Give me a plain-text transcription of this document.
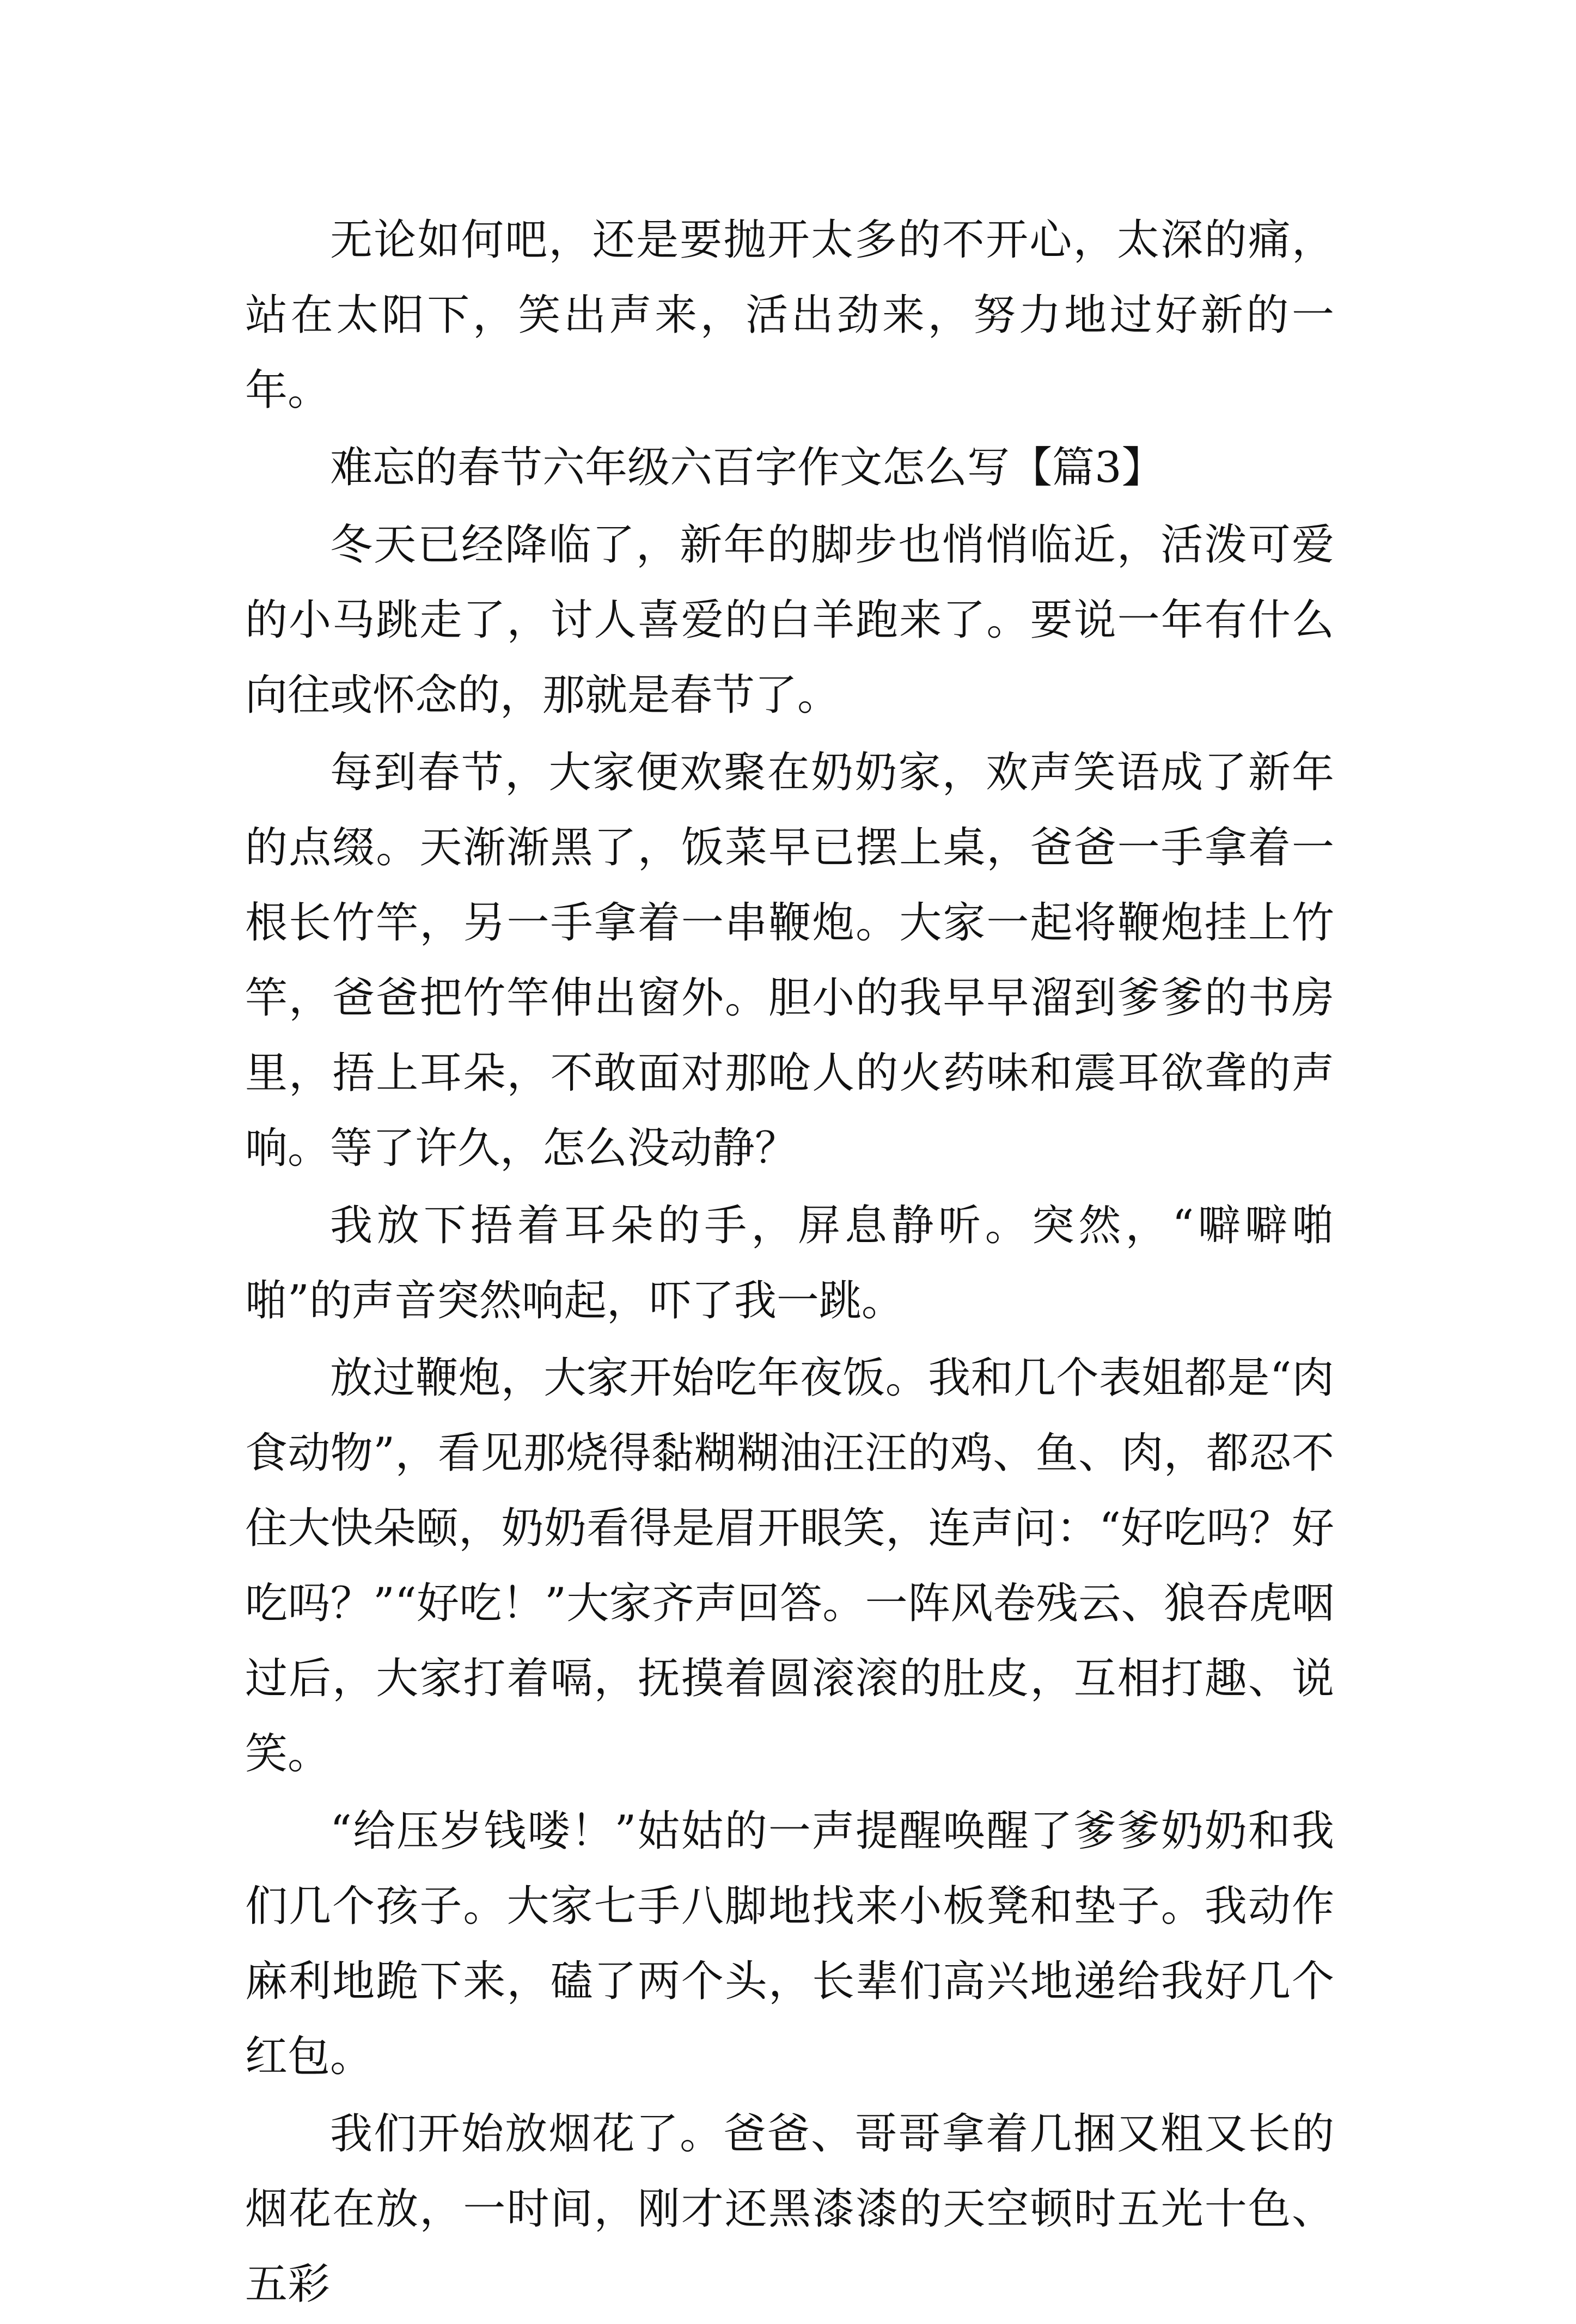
无论如何吧，还是要抛开太多的不开心，太深的痛，站在太阳下，笑出声来，活出劲来，努力地过好新的一年。

难忘的春节六年级六百字作文怎么写【篇3】

冬天已经降临了，新年的脚步也悄悄临近，活泼可爱的小马跳走了，讨人喜爱的白羊跑来了。要说一年有什么向往或怀念的，那就是春节了。

每到春节，大家便欢聚在奶奶家，欢声笑语成了新年的点缀。天渐渐黑了，饭菜早已摆上桌，爸爸一手拿着一根长竹竿，另一手拿着一串鞭炮。大家一起将鞭炮挂上竹竿，爸爸把竹竿伸出窗外。胆小的我早早溜到爹爹的书房里，捂上耳朵，不敢面对那呛人的火药味和震耳欲聋的声响。等了许久，怎么没动静？

我放下捂着耳朵的手，屏息静听。突然，“噼噼啪啪”的声音突然响起，吓了我一跳。

放过鞭炮，大家开始吃年夜饭。我和几个表姐都是“肉食动物”，看见那烧得黏糊糊油汪汪的鸡、鱼、肉，都忍不住大快朵颐，奶奶看得是眉开眼笑，连声问：“好吃吗？好吃吗？”“好吃！”大家齐声回答。一阵风卷残云、狼吞虎咽过后，大家打着嗝，抚摸着圆滚滚的肚皮，互相打趣、说笑。

“给压岁钱喽！”姑姑的一声提醒唤醒了爹爹奶奶和我们几个孩子。大家七手八脚地找来小板凳和垫子。我动作麻利地跪下来，磕了两个头，长辈们高兴地递给我好几个红包。

我们开始放烟花了。爸爸、哥哥拿着几捆又粗又长的烟花在放，一时间，刚才还黑漆漆的天空顿时五光十色、五彩
